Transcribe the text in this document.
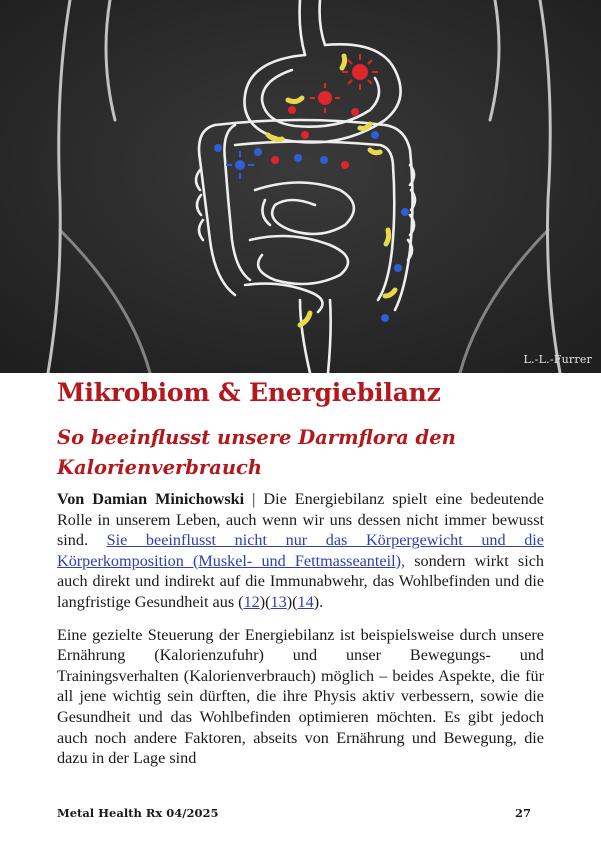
L.-L.-Furrer
Mikrobiom & Energiebilanz
So beeinflusst unsere Darmflora den Kalorienverbrauch

Von Damian Minichowski | Die Energiebilanz spielt eine bedeutende Rolle in unserem Leben, auch wenn wir uns dessen nicht immer bewusst sind. Sie beeinflusst nicht nur das Körpergewicht und die Körperkomposition (Muskel- und Fettmasseanteil), sondern wirkt sich auch direkt und indirekt auf die Immunabwehr, das Wohlbefinden und die langfristige Gesundheit aus (12)(13)(14).

Eine gezielte Steuerung der Energiebilanz ist beispielsweise durch unsere Ernährung (Kalorienzufuhr) und unser Bewegungs- und Trainingsverhalten (Kalorienverbrauch) möglich – beides Aspekte, die für all jene wichtig sein dürften, die ihre Physis aktiv verbessern, sowie die Gesundheit und das Wohlbefinden optimieren möchten. Es gibt jedoch auch noch andere Faktoren, abseits von Ernährung und Bewegung, die dazu in der Lage sind

Metal Health Rx 04/2025	27
